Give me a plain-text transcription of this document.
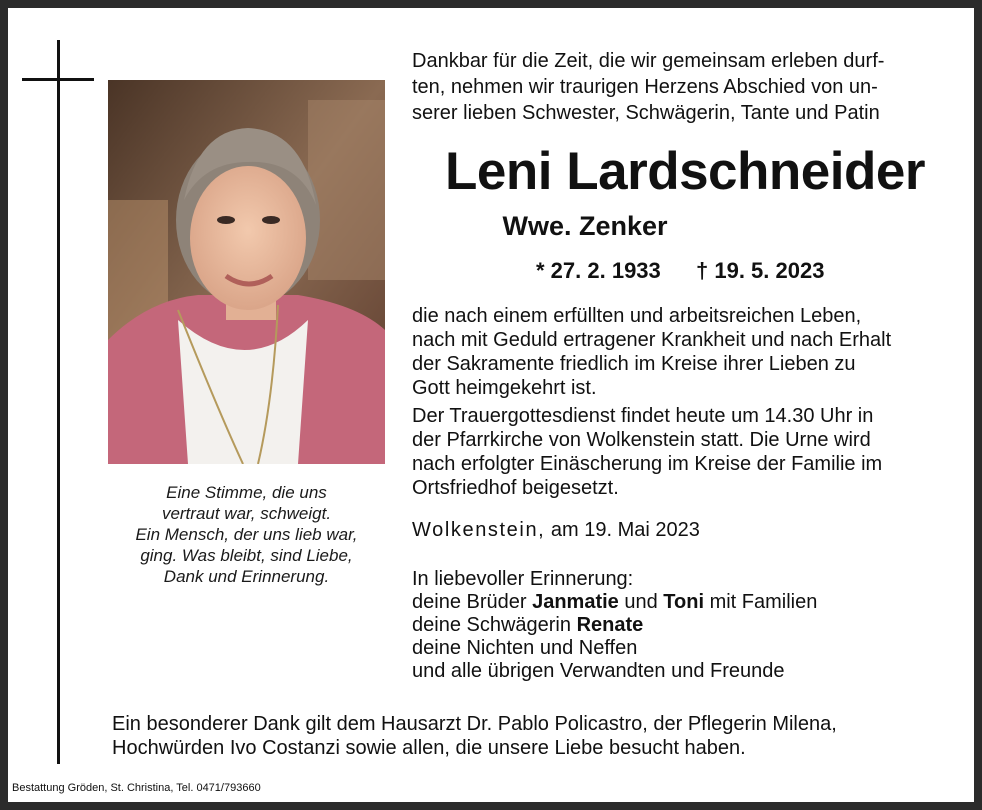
Eine Stimme, die uns
vertraut war, schweigt.
Ein Mensch, der uns lieb war,
ging. Was bleibt, sind Liebe,
Dank und Erinnerung.
Dankbar für die Zeit, die wir gemeinsam erleben durf-
ten, nehmen wir traurigen Herzens Abschied von un-
serer lieben Schwester, Schwägerin, Tante und Patin
Leni Lardschneider
Wwe. Zenker
* 27. 2. 1933 † 19. 5. 2023
die nach einem erfüllten und arbeitsreichen Leben,
nach mit Geduld ertragener Krankheit und nach Erhalt
der Sakramente friedlich im Kreise ihrer Lieben zu
Gott heimgekehrt ist.
Der Trauergottesdienst findet heute um 14.30 Uhr in
der Pfarrkirche von Wolkenstein statt. Die Urne wird
nach erfolgter Einäscherung im Kreise der Familie im
Ortsfriedhof beigesetzt.
Wolkenstein, am 19. Mai 2023
In liebevoller Erinnerung:
deine Brüder Janmatie und Toni mit Familien
deine Schwägerin Renate
deine Nichten und Neffen
und alle übrigen Verwandten und Freunde
Ein besonderer Dank gilt dem Hausarzt Dr. Pablo Policastro, der Pflegerin Milena,
Hochwürden Ivo Costanzi sowie allen, die unsere Liebe besucht haben.
Bestattung Gröden, St. Christina, Tel. 0471/793660
